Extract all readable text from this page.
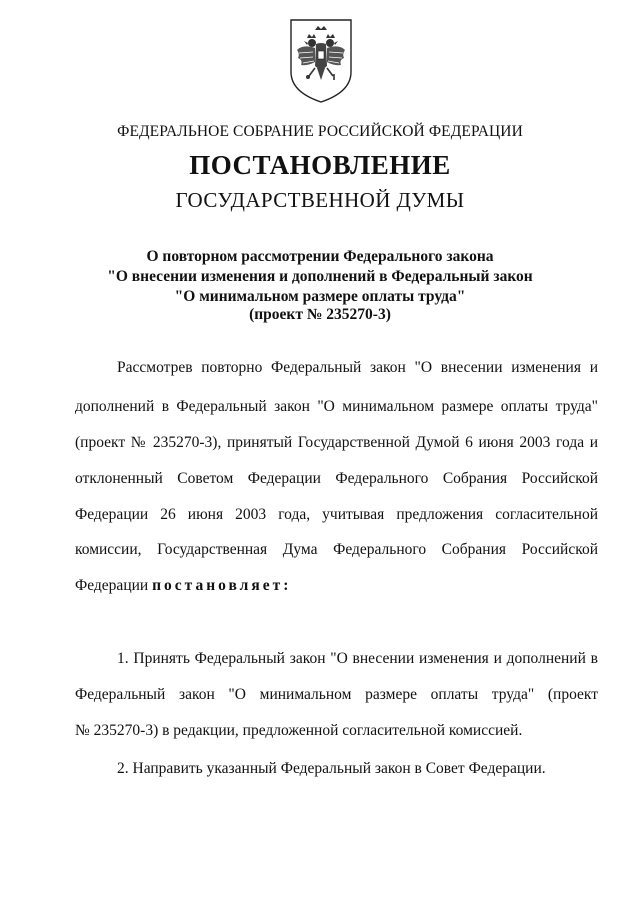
ФЕДЕРАЛЬНОЕ СОБРАНИЕ РОССИЙСКОЙ ФЕДЕРАЦИИ
ПОСТАНОВЛЕНИЕ
ГОСУДАРСТВЕННОЙ ДУМЫ
О повторном рассмотрении Федерального закона
"О внесении изменения и дополнений в Федеральный закон
"О минимальном размере оплаты труда"
(проект № 235270-3)
Рассмотрев повторно Федеральный закон "О внесении изменения и
дополнений в Федеральный закон "О минимальном размере оплаты труда"
(проект № 235270-3), принятый Государственной Думой 6 июня 2003 года и
отклоненный Советом Федерации Федерального Собрания Российской
Федерации 26 июня 2003 года, учитывая предложения согласительной
комиссии, Государственная Дума Федерального Собрания Российской
Федерации постановляет:
1. Принять Федеральный закон "О внесении изменения и дополнений в
Федеральный закон "О минимальном размере оплаты труда" (проект
№ 235270-3) в редакции, предложенной согласительной комиссией.
2. Направить указанный Федеральный закон в Совет Федерации.
